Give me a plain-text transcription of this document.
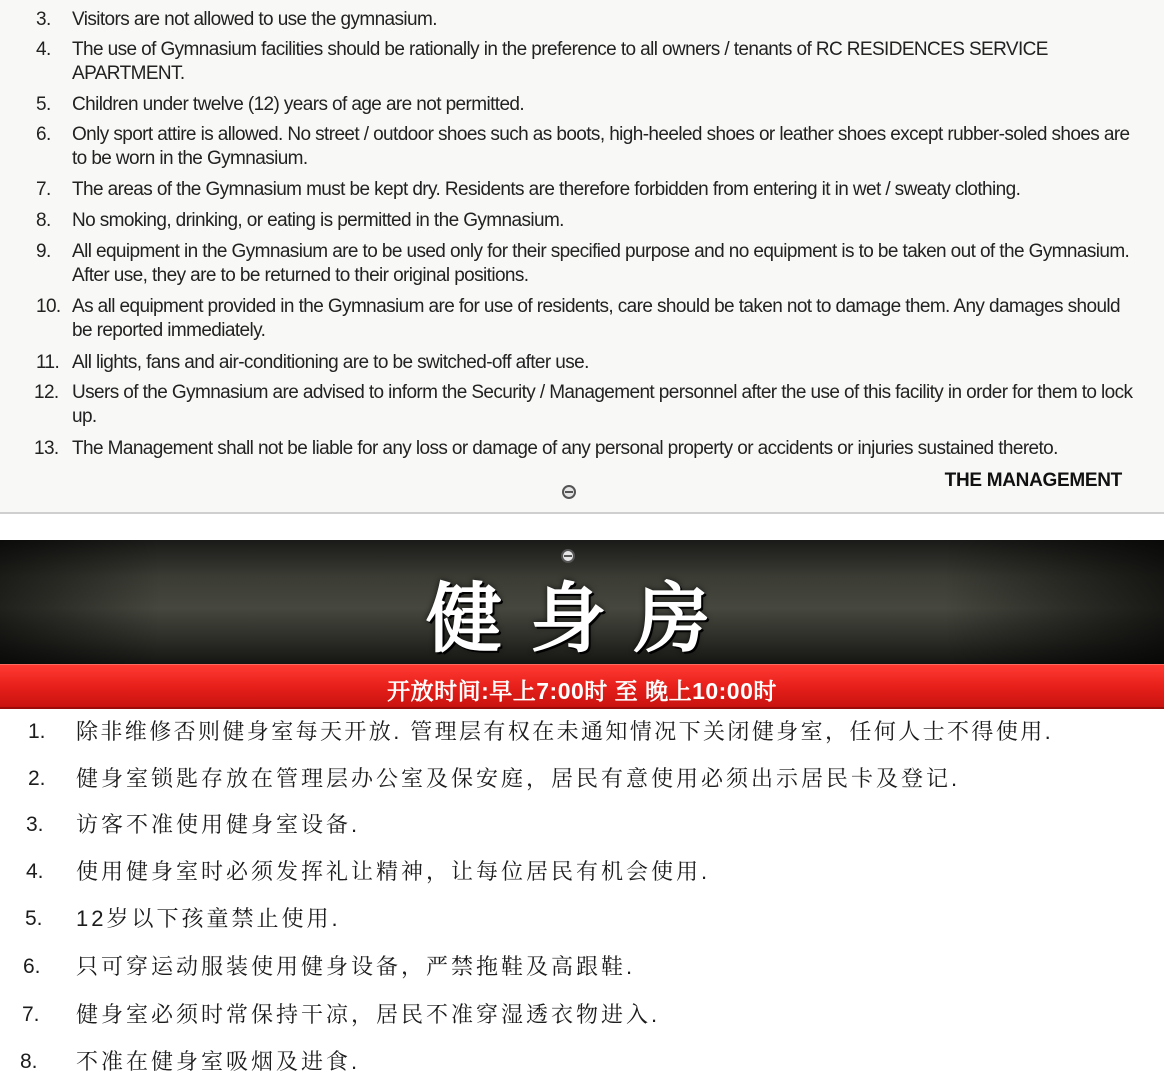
3. Visitors are not allowed to use the gymnasium.
4. The use of Gymnasium facilities should be rationally in the preference to all owners / tenants of RC RESIDENCES SERVICE APARTMENT.
5. Children under twelve (12) years of age are not permitted.
6. Only sport attire is allowed. No street / outdoor shoes such as boots, high-heeled shoes or leather shoes except rubber-soled shoes are to be worn in the Gymnasium.
7. The areas of the Gymnasium must be kept dry. Residents are therefore forbidden from entering it in wet / sweaty clothing.
8. No smoking, drinking, or eating is permitted in the Gymnasium.
9. All equipment in the Gymnasium are to be used only for their specified purpose and no equipment is to be taken out of the Gymnasium. After use, they are to be returned to their original positions.
10. As all equipment provided in the Gymnasium are for use of residents, care should be taken not to damage them. Any damages should be reported immediately.
11. All lights, fans and air-conditioning are to be switched-off after use.
12. Users of the Gymnasium are advised to inform the Security / Management personnel after the use of this facility in order for them to lock up.
13. The Management shall not be liable for any loss or damage of any personal property or accidents or injuries sustained thereto.
THE MANAGEMENT
健身房
开放时间:早上7:00时 至 晚上10:00时
1. 除非维修否则健身室每天开放. 管理层有权在未通知情况下关闭健身室，任何人士不得使用.
2. 健身室锁匙存放在管理层办公室及保安庭，居民有意使用必须出示居民卡及登记.
3. 访客不准使用健身室设备.
4. 使用健身室时必须发挥礼让精神，让每位居民有机会使用.
5. 12岁以下孩童禁止使用.
6. 只可穿运动服装使用健身设备，严禁拖鞋及高跟鞋.
7. 健身室必须时常保持干凉，居民不准穿湿透衣物进入.
8. 不准在健身室吸烟及进食.
